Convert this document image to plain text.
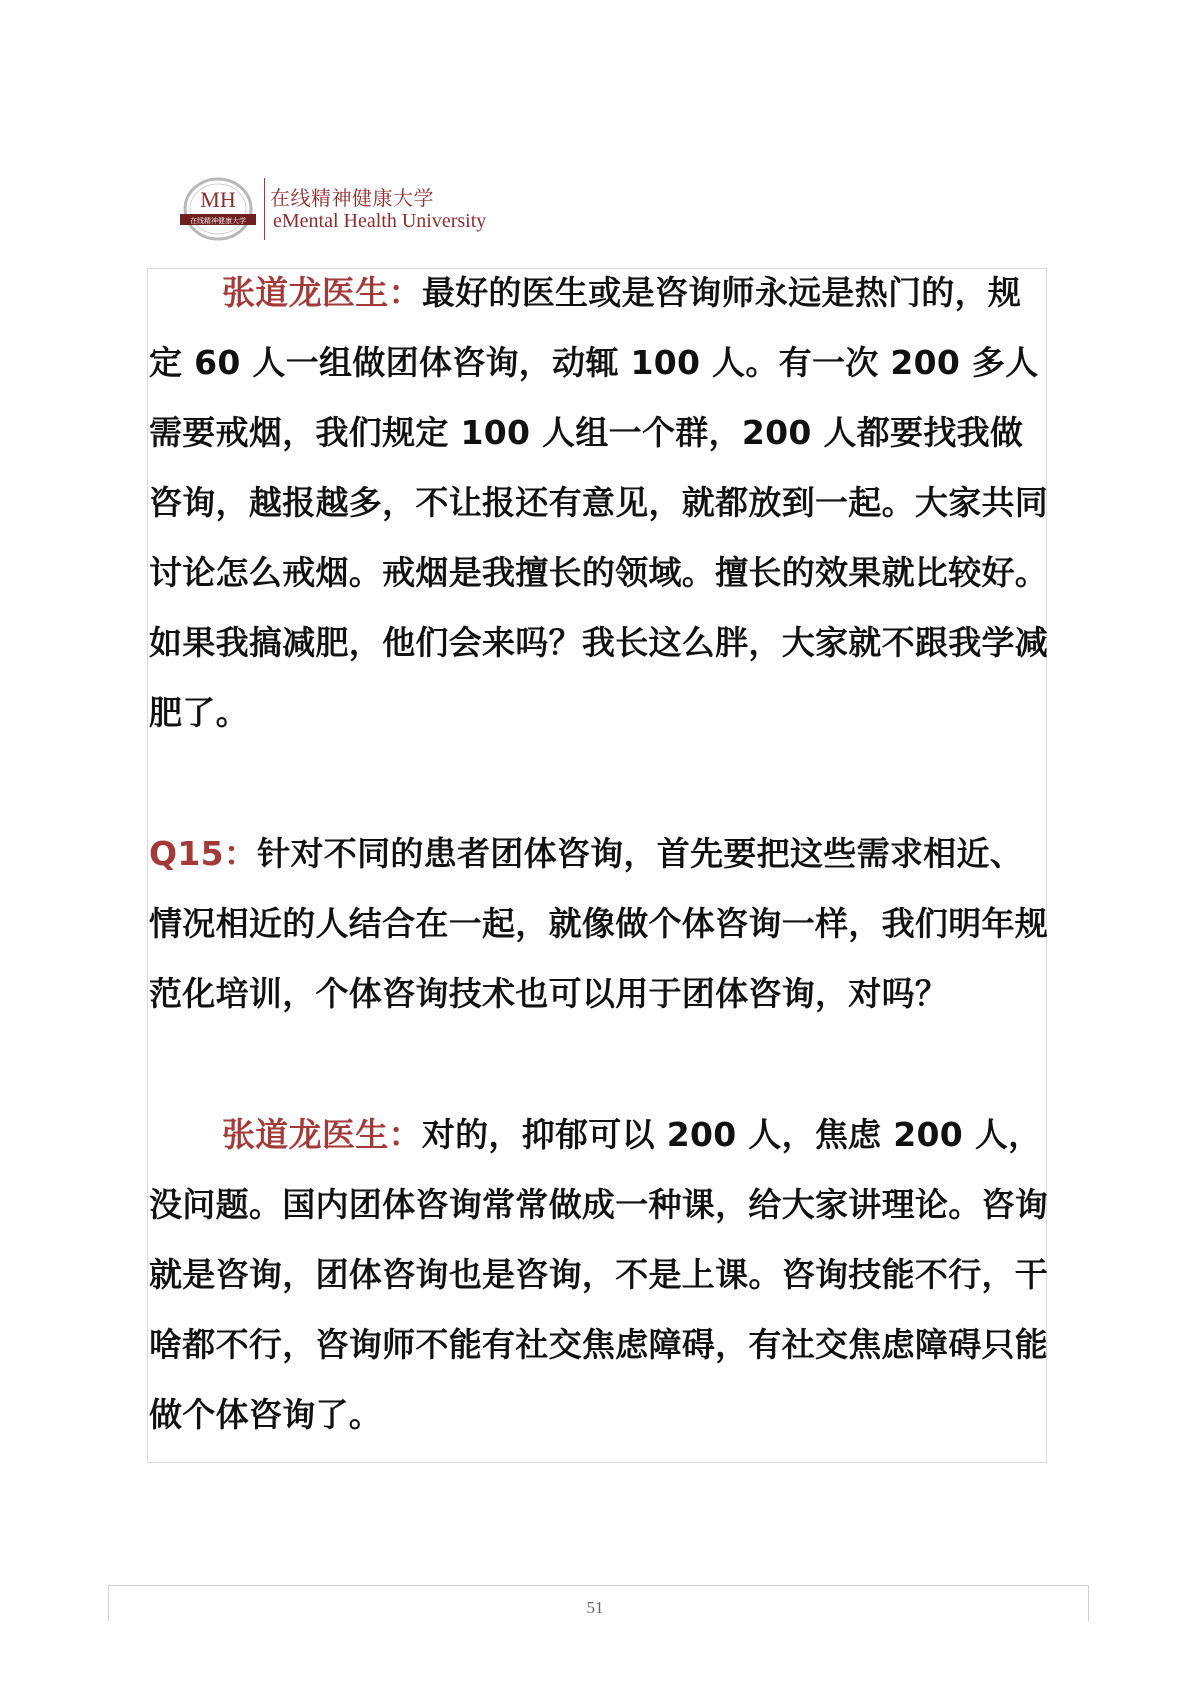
MH
在线精神健康大学
在线精神健康大学
eMental Health University

张道龙医生：最好的医生或是咨询师永远是热门的，规定 60 人一组做团体咨询，动辄 100 人。有一次 200 多人需要戒烟，我们规定 100 人组一个群，200 人都要找我做咨询，越报越多，不让报还有意见，就都放到一起。大家共同讨论怎么戒烟。戒烟是我擅长的领域。擅长的效果就比较好。如果我搞减肥，他们会来吗？我长这么胖，大家就不跟我学减肥了。

Q15：针对不同的患者团体咨询，首先要把这些需求相近、情况相近的人结合在一起，就像做个体咨询一样，我们明年规范化培训，个体咨询技术也可以用于团体咨询，对吗？

张道龙医生：对的，抑郁可以 200 人，焦虑 200 人，没问题。国内团体咨询常常做成一种课，给大家讲理论。咨询就是咨询，团体咨询也是咨询，不是上课。咨询技能不行，干啥都不行，咨询师不能有社交焦虑障碍，有社交焦虑障碍只能做个体咨询了。

51
